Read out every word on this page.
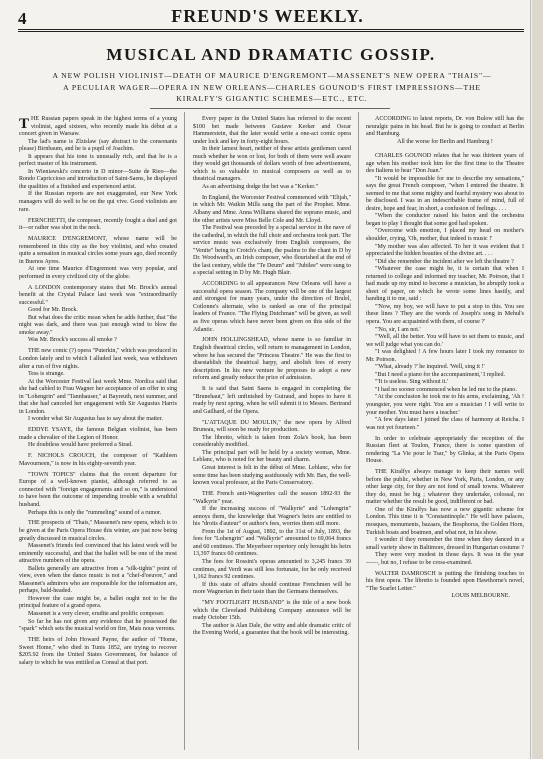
4	FREUND'S WEEKLY.
MUSICAL AND DRAMATIC GOSSIP.
A NEW POLISH VIOLINIST—DEATH OF MAURICE D'ENGREMONT—MASSENET'S NEW OPERA "THAIS"—
A PECULIAR WAGER—OPERA IN NEW ORLEANS—CHARLES GOUNOD'S FIRST IMPRESSIONS—THE
KIRALFY'S GIGANTIC SCHEMES—ETC., ETC.

THE Russian papers speak in the highest terms of a young violinist, aged sixteen, who recently made his début at a concert given in Warsaw.

The lad's name is Zlzislaw (say abstract to the consonants please) Birnbaum, and he is a pupil of Joachim.

It appears that his tone is unusually rich, and that he is a perfect master of his instrument.

In Wieniawski's concerto in D minor—Suite de Rieo—the Rondo Capriccioso and introduction of Saint-Saens, he displayed the qualities of a finished and experienced artist.

If the Russian reports are not exaggerated, our New York managers will do well to be on the qui vive. Good violinists are rare.

FERNCHETTI, the composer, recently fought a duel and got it—or rather was shot in the neck.

MAURICE D'ENGREMONT, whose name will be remembered in this city as the boy violinist, and who created quite a sensation in musical circles some years ago, died recently in Buenos Ayres.

At one time Maurice d'Engremont was very popular, and performed in every civilized city of the globe.

A LONDON contemporary states that Mr. Brock's annual benefit at the Crystal Palace last week was "extraordinarily successful."

Good for Mr. Brock.

But what does the critic mean when he adds further, that "the night was dark, and there was just enough wind to blow the smoke away."

Was Mr. Brock's success all smoke ?

THE new comic (?) opera "Puterkin," which was produced in London lately and to which I alluded last week, was withdrawn after a run of five nights.

Tess is strange.

At the Worcester Festival last week Mme. Nordica said that she had cabled to Frau Wagner her acceptance of an offer to sing in "Lohengrin" and "Tannhauser," at Bayreuth, next summer, and that she had canceled her engagement with Sir Augustus Harris in London.

I wonder what Sir Augustus has to say about the matter.

EDDYE YSAYE, the famous Belgian violinist, has been made a chevalier of the Legion of Honor.

He doubtless would have preferred a Strad.

F. NICHOLS CROUCH, the composer of "Kathleen Mavourneen," is now in his eighty-seventh year.

"TOWN TOPICS" claims that the recent departure for Europe of a well-known pianist, although referred to as connected with "foreign engagements and so on," is understood to have been the outcome of impending trouble with a wrathful husband.

Perhaps this is only the "rummeling" sound of a rumor.

THE prospects of "Thais," Massenet's new opera, which is to be given at the Paris Opera House this winter, are just now being greatly discussed in musical circles.

Massenet's friends feel convinced that his latest work will be eminently successful, and that the ballet will be one of the most attractive numbers of the opera.

Ballets generally are attractive from a "silk-tights" point of view, even when the dance music is not a "chef-d'oeuvre," and Massenet's admirers who are responsible for the information are, perhaps, bald-headed.

However the case might be, a ballet ought not to be the principal feature of a grand opera.

Massenet is a very clever, erudite and prolific composer.

So far he has not given any evidence that he possessed the "spark" which sets the musical world on fire, Mais nous verrons.

THE heirs of John Howard Payne, the author of "Home, Sweet Home," who died in Tunis 1852, are trying to recover $205.92 from the United States Government, for balance of salary to which he was entitled as Consul at that port.

Every paper in the United States has referred to the recent $100 bet made between Gustave Kerker and Oscar Hammerstein, that the later would write a one-act comic opera under lock and key in forty-eight hours.

In their lamest heart, neither of these artists gentlemen cared much whether he won or lost, for both of them were well aware they would get thousands of dollars worth of free advertisement, which is so valuable to musical composers as well as to theatrical managers.

As an advertising dodge the bet was a "Kerker."

In England, the Worcester Festival commenced with "Elijah," in which Mr. Watkin Mills sang the part of the Prophet. Mme. Albany and Mme. Anna Williams shared the soprano music, and the other artists were Miss Belle Cole and Mr. Lloyd.

The Festival was preceded by a special service in the nave of the cathedral, in which the full choir and orchestra took part. The service music was exclusively from English composers, the "Venite" being to Crotch's chant, the psalms to the chant in D by Dr. Woodward's, an Irish composer, who flourished at the end of the last century, while the "Te Deum" and "Jubilee" were sung to a special setting in D by Mr. Hugh Blair.

ACCORDING to all appearances New Orleans will have a successful opera season. The company will be one of the largest and strongest for many years, under the direction of Brulel, Cotlonne's alternate, who is ranked as one of the principal leaders of France. "The Flying Dutchman" will be given, as well as five operas which have never been given on this side of the Atlantic.

JOHN HOLLINGSHEAD, whose name is so familiar in English theatrical circles, will return to management in London, where he has secured the "Princess Theatre." He was the first to disestablish the theatrical harpy, and abolish fees of every description. In his new venture he proposes to adopt a new reform and greatly reduce the price of admission.

It is said that Saint Saens is engaged in completing the "Brunehaut," left unfinished by Guiraud, and hopes to have it ready by next spring, when he will submit it to Messrs. Bertrand and Gailhard, of the Opera.

"L'ATTAQUE DU MOULIN," the new opera by Alfred Bruneau, will soon be ready for production.

The libretto, which is taken from Zola's book, has been considerably modified.

The principal part will be held by a society woman, Mme. Leblanc, who is noted for her beauty and charm.

Great interest is felt in the début of Mme. Leblanc, who for some time has been studying assiduously with Mr. Bax, the well-known vocal professor, at the Paris Conservatory.

THE French anti-Wagnerites call the season 1892-93 the "Walkyrie" year.

If the increasing success of "Walkyrie" and "Lohengrin" annoys them, the knowledge that Wagner's heirs are entitled to his "droits d'auteur" or author's fees, worries them still more.

From the 1st of August, 1892, to the 31st of July, 1893, the fees for "Lohengrin" and "Walkyrie" amounted to 69,064 francs and 60 centimes. The Meyerbeer repertory only brought his heirs 13,397 francs 60 centimes.

The fees for Rossini's operas amounted to 3,245 francs 39 centimes, and Verdi was still less fortunate, for he only received 1,162 francs 92 centimes.

If this state of affairs should continue Frenchmen will be more Wagnerian in their taste than the Germans themselves.

"MY FOOTLIGHT HUSBAND" is the title of a new book which the Cleveland Publishing Company announce will be ready October 15th.

The author is Alan Dale, the witty and able dramatic critic of the Evening World, a guarantee that the book will be interesting.

ACCORDING to latest reports, Dr. von Bulow still has the neuralgic pains in his head. But he is going to conduct at Berlin and Hamburg.

All the worse for Berlin and Hamburg !

CHARLES GOUNOD relates that he was thirteen years of age when his mother took him for the first time to the Theatre des Italiens to hear "Don Juan."

"It would be impossible for me to describe my sensations," says the great French composer, "when I entered the theatre. It seemed to me that some mighty and fearful mystery was about to be disclosed. I was in an indescribable frame of mind, full of desire, hope and fear, in short, a confusion of feelings. . . .

"When the conductor raised his baton and the orchestra began to play I thought that some god had spoken.

"Overcome with emotion, I placed my head on mother's shoulder, crying, 'Oh, mother, that indeed is music !'

"My mother was also affected. To her it was evident that I appreciated the hidden beauties of the divine art. . . .

"Did she remember the incident after we left the theatre ?

"Whatever the case might be, it is certain that when I returned to college and informed my teacher, Mr. Poirson, that I had made up my mind to become a musician, he abruptly took a sheet of paper, on which he wrote some lines hastily, and handing it to me, said :

"'Now, my boy, we will have to put a stop to this. You see these lines ? They are the words of Joseph's song in Mehul's opera. You are acquainted with them, of course ?'

"'No, sir, I am not.'

"'Well, all the better. You will have to set them to music, and we will judge what you can do.'

"I was delighted ! A few hours later I took my romance to Mr. Poirson.

"'What, already ?' he inquired. 'Well, sing it !'

"But I need a piano for the accompaniment,' I replied.

"'It is useless. Sing without it.'

"I had no sooner commenced when he led me to the piano.

"At the conclusion he took me to his arms, exclaiming, 'Ah ! youngster, you were right. You are a musician ! I will write to your mother. You must have a teacher.'

"A few days later I joined the class of harmony at Reicha. I was not yet fourteen."

In order to celebrate appropriately the reception of the Russian fleet at Toulon, France, there is some question of rendering "La Vie pour le Tsar," by Glinka, at the Paris Opera House.

THE Kiralfys always manage to keep their names well before the public, whether in New York, Paris, London, or any other large city, for they are not fond of small towns. Whatever they do, must be big ; whatever they undertake, colossal, no matter whether the result be good, indifferent or bad.

One of the Kiralfys has now a new gigantic scheme for London. This time it is "Constantinople." He will have palaces, mosques, monuments, bazaars, the Bosphorus, the Golden Horn, Turkish boats and boatmen, and what not, in his show.

I wonder if they remember the time when they danced in a small variety show in Baltimore, dressed in Hungarian costume ?

They were very modest in those days. It was in the year ——, but no, I refuse to be cross-examined.

WALTER DAMROSCH is putting the finishing touches to his first opera. The libretto is founded upon Hawthorne's novel, "The Scarlet Letter."

LOUIS MELBOURNE.
